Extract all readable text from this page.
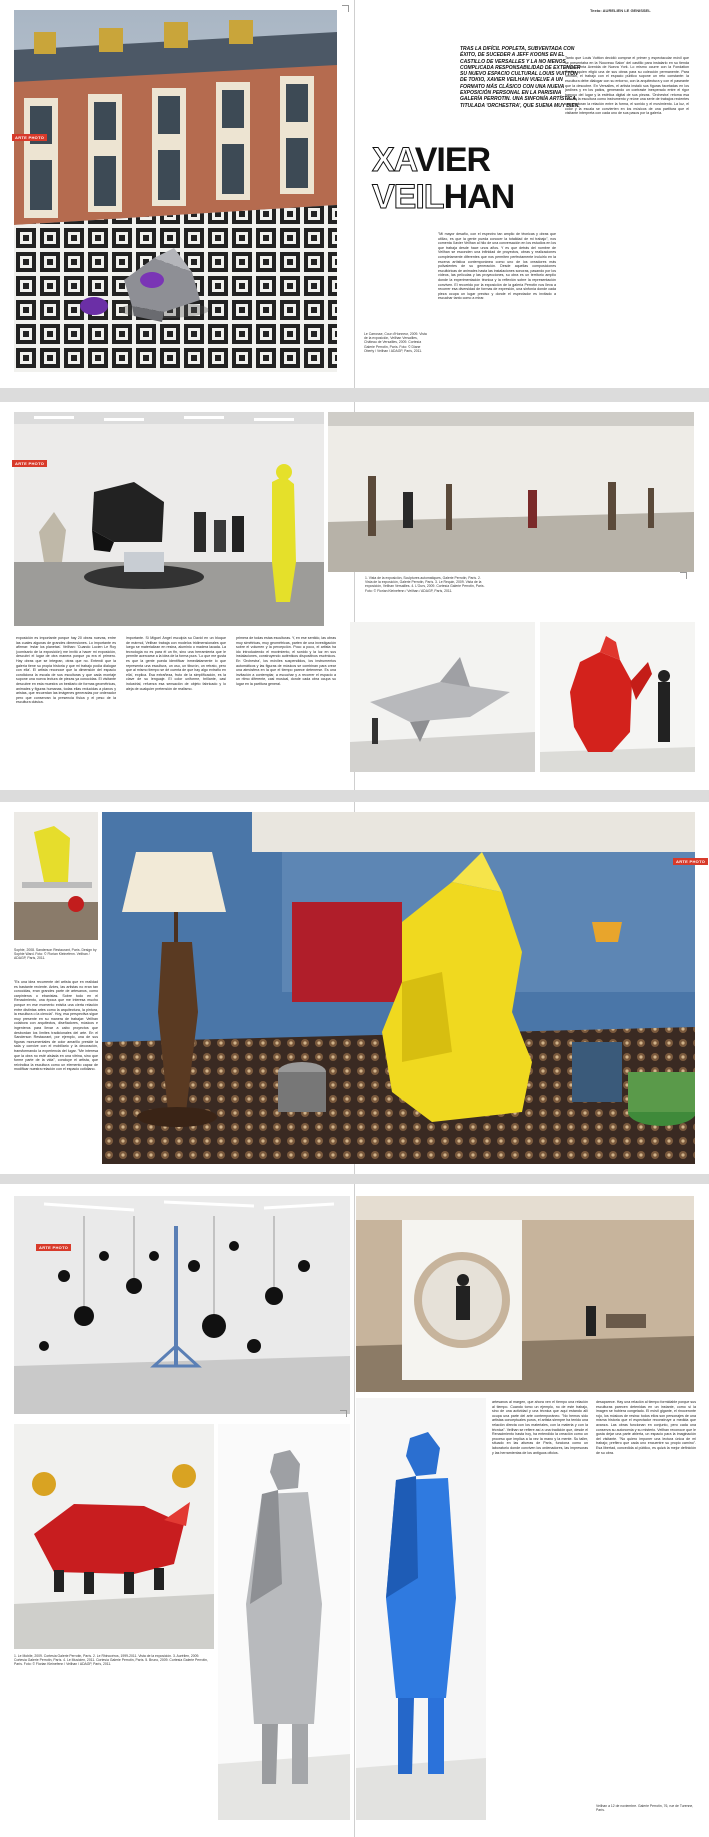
ARTE PHOTO
Texto: AURELIEN LE GENISSEL
TRAS LA DIFÍCIL POPLETA, SUBVENTADA CON ÉXITO, DE SUCEDER A JEFF KOONS EN EL CASTILLO DE VERSALLES Y LA NO MENOS COMPLICADA RESPONSABILIDAD DE EXTENDER SU NUEVO ESPACIO CULTURAL LOUIS VUITTON DE TOKIO, XAVIER VEILHAN VUELVE A UN FORMATO MÁS CLÁSICO CON UNA NUEVA EXPOSICIÓN PERSONAL EN LA PARISINA GALERÍA PERROTIN. UNA SINFONÍA ARTÍSTICA, TITULADA 'ORCHESTRA', QUE SUENA MUY BIEN.
XAVIER
VEILHAN
Le Carrosse, Cour d'Honneur, 2009. Vista de la exposición, Veilhan Versailles, Château de Versailles, 2009. Cortesía Galerie Perrotin, París. Foto: © Diane Oberty / Veilhan / ADAGP, París, 2011.
"Mi mayor desafío, con el espectro tan amplio de técnicas y obras que utilizo, es que la gente pueda conocer la totalidad de mi trabajo", nos comenta Xavier Veilhan al hilo de una conversación en los estudios en los que trabaja desde hace unos años. Y es que detrás del nombre de Veilhan se esconden una infinidad de proyectos, obras y realizaciones completamente diferentes que nos permiten perfectamente incluirlo en la escena artística contemporánea como uno de los creadores más polivalentes de su generación. Desde aquellas composiciones escultóricas de animales hasta las instalaciones sonoras, pasando por los vídeos, las películas y las proyecciones, su obra es un territorio amplio donde la experimentación técnica y la reflexión sobre la representación conviven. El recorrido por la exposición de la galería Perrotin nos lleva a recorrer esa diversidad de formas de expresión, una sinfonía donde cada pieza ocupa un lugar preciso y donde el espectador es invitado a escuchar tanto como a mirar.
Tanto que Louis Vuitton decidió comprar el primer y espectacular móvil que se presentaba en la 'Nouveau Salon' del castillo para instalarlo en su tienda de la Quinta Avenida de Nueva York. Lo mismo ocurre con la Fondation Cartier, quien eligió una de sus obras para su colección permanente. Para Veilhan, el trabajo con el espacio público supone un reto constante: la escultura debe dialogar con su entorno, con la arquitectura y con el paseante que la descubre. En Versalles, el artista instaló sus figuras facetadas en los jardines y en los patios, generando un contraste inesperado entre el rigor barroco del lugar y la estética digital de sus piezas. 'Orchestra' retoma esa idea de la escultura como instrumento y reúne una serie de trabajos recientes que exploran la relación entre la forma, el sonido y el movimiento. La luz, el color y la escala se convierten en los músicos de una partitura que el visitante interpreta con cada uno de sus pasos por la galería.
1. Vista de la exposición, Sculptures automatiques, Galerie Perrotin, París. 2. Vista de la exposición, Galerie Perrotin, París. 3. Le Requin, 2009. Vista de la exposición, Veilhan Versailles. 4. L'Ours, 2009. Cortesía Galerie Perrotin, París. Foto: © Florian Kleinefenn / Veilhan / ADAGP, París, 2011.
ARTE PHOTO
exposición es importante porque hay 20 obras nuevas, entre las cuales algunas de grandes dimensiones. Lo importante es afirmar: 'estar los planetas'. Veilhan: 'Cuando Lucien Le Roy (comisario de la exposición) me invitó a hacer mi exposición, descubrí el lugar de otra manera porque ya era el primero. Hay obras que se integran, otras que no. Entendí que la galería tiene su propia historia y que mi trabajo podía dialogar con ella'. El artista reconoce que la dimensión del espacio condiciona la escala de sus esculturas y que cada montaje supone una nueva lectura de piezas ya conocidas. El visitante descubre en esta muestra un bestiario de formas geométricas, animales y figuras humanas, todas ellas reducidas a planos y aristas, que recuerdan las imágenes generadas por ordenador pero que conservan la presencia física y el peso de la escultura clásica.
importante. Si Miguel Ángel esculpía su David en un bloque de mármol, Veilhan trabaja con modelos tridimensionales que luego se materializan en resina, aluminio o madera lacada. La tecnología no es para él un fin, sino una herramienta que le permite acercarse a la idea de la forma pura. 'Lo que me gusta es que la gente pueda identificar inmediatamente lo que representa una escultura, un oso, un tiburón, un retrato, pero que al mismo tiempo se dé cuenta de que hay algo extraño en ella', explica. Esa extrañeza, fruto de la simplificación, es la clave de su lenguaje. El color uniforme, brillante, casi industrial, refuerza esa sensación de objeto fabricado y lo aleja de cualquier pretensión de realismo.
primera de todas estas esculturas. Y, en ese sentido, las obras muy simétricas, muy geométricas, parten de una investigación sobre el volumen y la percepción. Poco a poco, el artista ha ido introduciendo el movimiento, el sonido y la luz en sus instalaciones, construyendo auténticos dispositivos escénicos. En 'Orchestra', los móviles suspendidos, los instrumentos automáticos y las figuras de músicos se combinan para crear una atmósfera en la que el tiempo parece detenerse. Es una invitación a contemplar, a escuchar y a recorrer el espacio a un ritmo diferente, casi musical, donde cada obra ocupa su lugar en la partitura general.
Sophie, 2008. Sanderson Restaurant, París. Design by Sophie Ward. Foto: © Florian Kleinefenn. Veilhan / ADAGP, París, 2011.
"Es una idea recurrente del artista que en realidad es bastante reciente. Antes, las artistas no eran tan conocidas, eran grandes parte de artesanos, como carpinteros o ebanistas. Sobre todo en el Renacimiento, una época que me interesa mucho porque en ese momento existía una cierta relación entre distintas artes como la arquitectura, la pintura, la escultura o la ciencia". Hoy, esa perspectiva sigue muy presente en su manera de trabajar: Veilhan colabora con arquitectos, diseñadores, músicos e ingenieros para llevar a cabo proyectos que desbordan los límites tradicionales del arte. En el Sanderson Restaurant, por ejemplo, una de sus figuras monumentales de color amarillo preside la sala y convive con el mobiliario y la decoración, transformando la experiencia del lugar. "Me interesa que la obra no esté aislada en una vitrina, sino que forme parte de la vida", concluye el artista, que reivindica la escultura como un elemento capaz de modificar nuestra relación con el espacio cotidiano.
ARTE PHOTO
ARTE PHOTO
1. Le Mobile, 2009. Cortesía Galerie Perrotin, París. 2. Le Rhinocéros, 1999-2011. Vista de la exposición. 3. Aurélien, 2009. Cortesía Galerie Perrotin, París. 4. Le Musicien, 2011. Cortesía Galerie Perrotin, París. 5. Bruno, 2009. Cortesía Galerie Perrotin, París. Foto: © Florian Kleinefenn / Veilhan / ADAGP, París, 2011.
artesanos al margen, que ahora ven el tiempo una relación al tiempo. Cuando tomo un ejemplo, no de este trabajo, sino de una actividad y una técnica que aquí estando allí ocupa una parte del arte contemporáneo. "No hemos sido artistas conceptuales puros, el artista siempre ha tenido una relación directa con los materiales, con la materia y con la técnica". Veilhan se refiere así a una tradición que, desde el Renacimiento hasta hoy, ha entendido la creación como un proceso que implica a la vez la mano y la mente. Su taller, situado en las afueras de París, funciona como un laboratorio donde conviven los ordenadores, las impresoras y las herramientas de los antiguos oficios.
desaparece. Hay una relación al tiempo formidable porque sus esculturas parecen detenidas en un instante, como si la imagen se hubiera congelado. El móvil gigante, el rinoceronte rojo, los músicos de resina: todos ellos son personajes de una misma historia que el espectador reconstruye a medida que avanza. Las obras funcionan en conjunto, pero cada una conserva su autonomía y su misterio. Veilhan reconoce que le gusta dejar una parte abierta, un espacio para la imaginación del visitante. "No quiero imponer una lectura única de mi trabajo; prefiero que cada uno encuentre su propio camino". Esa libertad, concedida al público, es quizá la mejor definición de su obra.
Veilhan a 12 de noviembre. Galerie Perrotin, 76, rue de Turenne, París.
